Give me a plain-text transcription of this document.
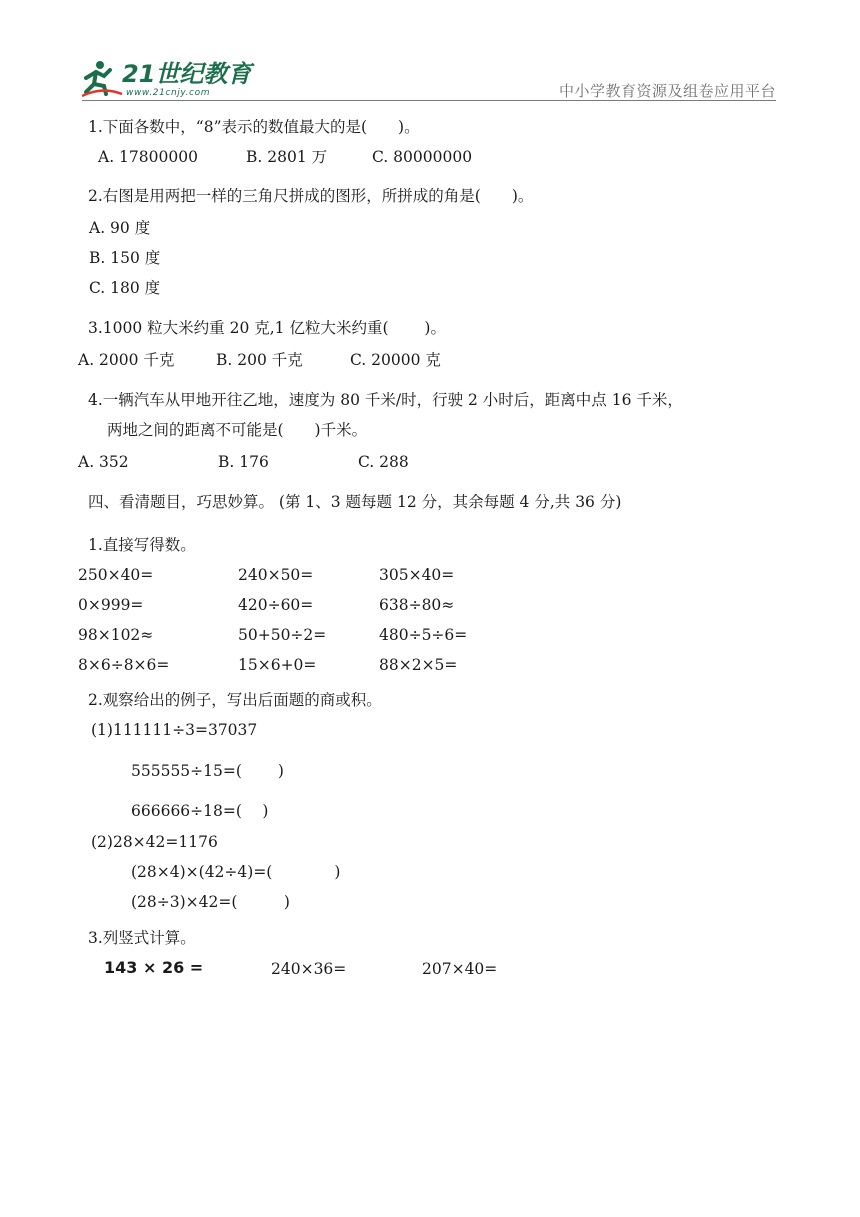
21世纪教育
www.21cnjy.com	中小学教育资源及组卷应用平台
1.下面各数中，“8”表示的数值最大的是(　　)。
A. 17800000	B. 2801 万	C. 80000000
2.右图是用两把一样的三角尺拼成的图形，所拼成的角是(　　)。
A. 90 度
B. 150 度
C. 180 度
3.1000 粒大米约重 20 克,1 亿粒大米约重(　　 )。
A. 2000 千克	B. 200 千克	C. 20000 克
4.一辆汽车从甲地开往乙地，速度为 80 千米/时，行驶 2 小时后，距离中点 16 千米，
两地之间的距离不可能是(　　)千米。
A. 352	B. 176	C. 288
四、看清题目，巧思妙算。 (第 1、3 题每题 12 分，其余每题 4 分,共 36 分)
1.直接写得数。
250×40=	240×50=	305×40=
0×999=	420÷60=	638÷80≈
98×102≈	50+50÷2=	480÷5÷6=
8×6÷8×6=	15×6+0=	88×2×5=
2.观察给出的例子，写出后面题的商或积。
(1)111111÷3=37037
555555÷15=(　　 )
666666÷18=(　 )
(2)28×42=1176
(28×4)×(42÷4)=(　　　　)
(28÷3)×42=(　　　)
3.列竖式计算。
143 × 26 =	240×36=	207×40=
